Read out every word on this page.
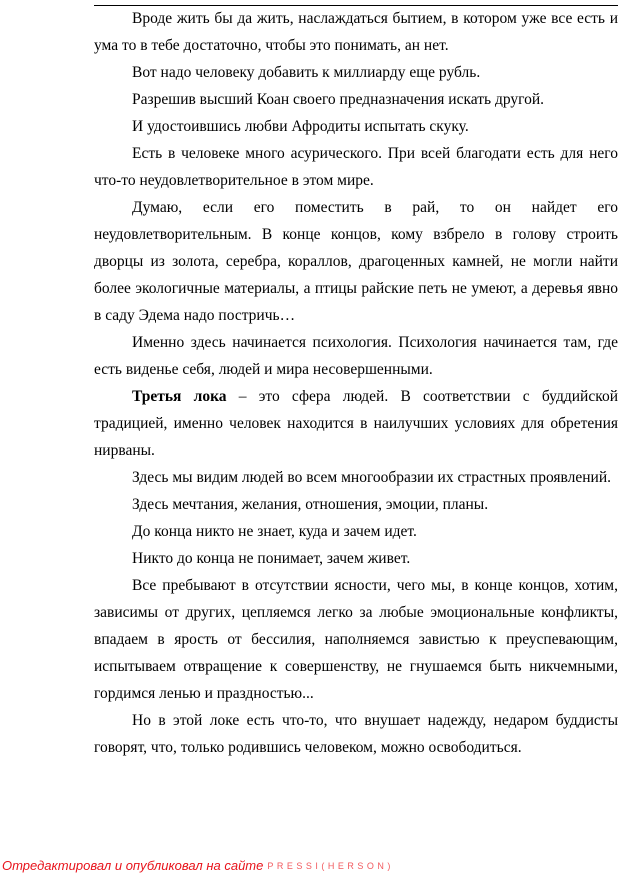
Вроде жить бы да жить, наслаждаться бытием, в котором уже все есть и ума то в тебе достаточно, чтобы это понимать, ан нет.

Вот надо человеку добавить к миллиарду еще рубль.

Разрешив высший Коан своего предназначения искать другой.

И удостоившись любви Афродиты испытать скуку.

Есть в человеке много асурического. При всей благодати есть для него что-то неудовлетворительное в этом мире.

Думаю, если его поместить в рай, то он найдет его неудовлетворительным. В конце концов, кому взбрело в голову строить дворцы из золота, серебра, кораллов, драгоценных камней, не могли найти более экологичные материалы, а птицы райские петь не умеют, а деревья явно в саду Эдема надо постричь…

Именно здесь начинается психология. Психология начинается там, где есть виденье себя, людей и мира несовершенными.

Третья лока – это сфера людей. В соответствии с буддийской традицией, именно человек находится в наилучших условиях для обретения нирваны.

Здесь мы видим людей во всем многообразии их страстных проявлений.

Здесь мечтания, желания, отношения, эмоции, планы.

До конца никто не знает, куда и зачем идет.

Никто до конца не понимает, зачем живет.

Все пребывают в отсутствии ясности, чего мы, в конце концов, хотим, зависимы от других, цепляемся легко за любые эмоциональные конфликты, впадаем в ярость от бессилия, наполняемся завистью к преуспевающим, испытываем отвращение к совершенству, не гнушаемся быть никчемными, гордимся ленью и праздностью...

Но в этой локе есть что-то, что внушает надежду, недаром буддисты говорят, что, только родившись человеком, можно освободиться.

Отредактировал и опубликовал на сайте PRESSI(HERSON)
